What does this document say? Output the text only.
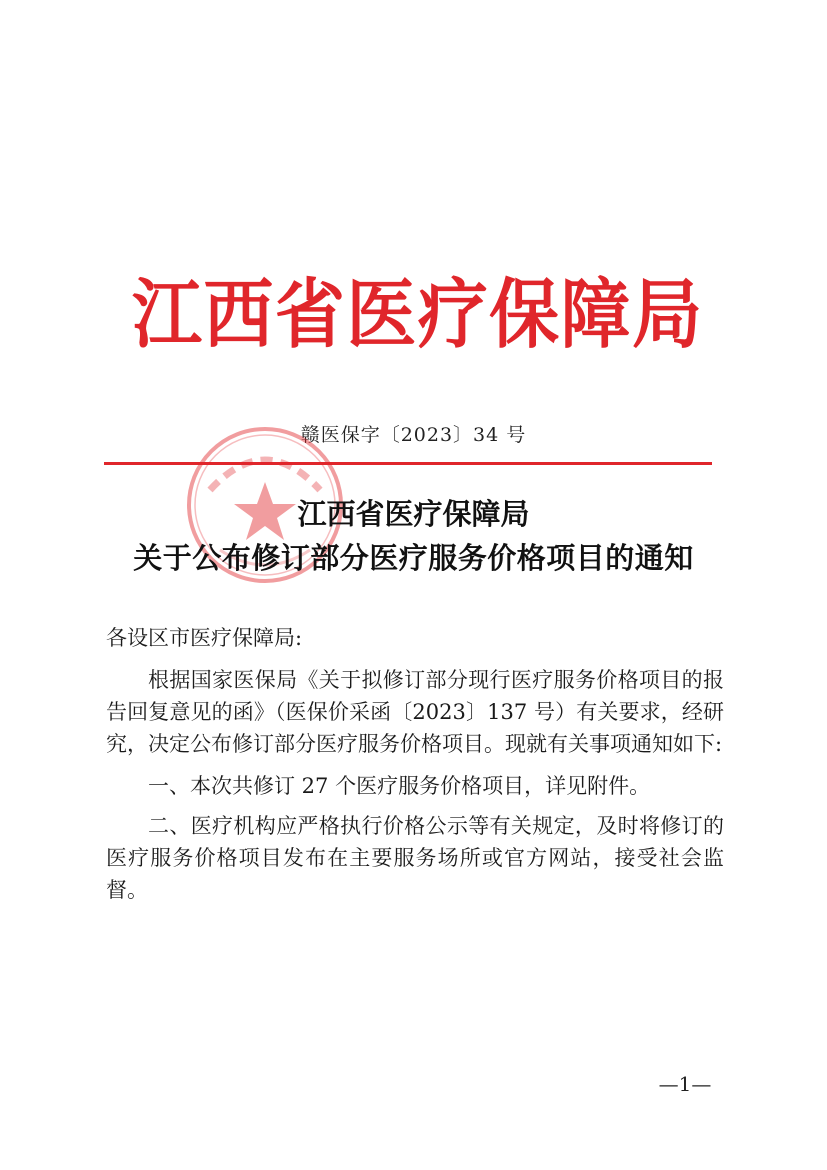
江 西 省 医 疗 保 障 局
赣医保字〔2023〕34 号
江西省医疗保障局
关于公布修订部分医疗服务价格项目的通知

各设区市医疗保障局:

根据国家医保局《关于拟修订部分现行医疗服务价格项目的报告回复意见的函》（医保价采函〔2023〕137 号）有关要求，经研究，决定公布修订部分医疗服务价格项目。现就有关事项通知如下:

一、本次共修订 27 个医疗服务价格项目，详见附件。

二、医疗机构应严格执行价格公示等有关规定，及时将修订的医疗服务价格项目发布在主要服务场所或官方网站，接受社会监督。

—1—
